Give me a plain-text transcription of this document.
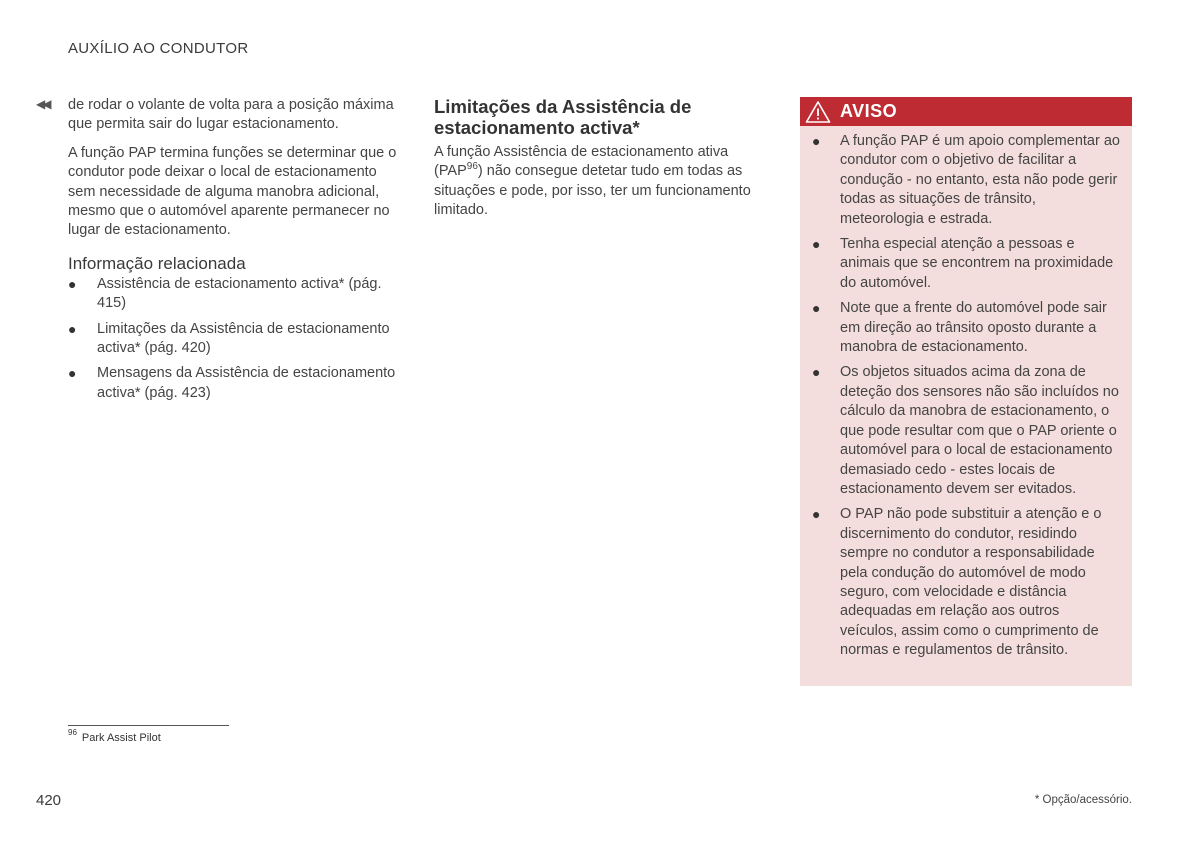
AUXÍLIO AO CONDUTOR
◀◀ de rodar o volante de volta para a posição máxima que permita sair do lugar estacionamento.

A função PAP termina funções se determinar que o condutor pode deixar o local de estacionamento sem necessidade de alguma manobra adicional, mesmo que o automóvel aparente permanecer no lugar de estacionamento.

Informação relacionada
● Assistência de estacionamento activa* (pág. 415)
● Limitações da Assistência de estacionamento activa* (pág. 420)
● Mensagens da Assistência de estacionamento activa* (pág. 423)
Limitações da Assistência de estacionamento activa*

A função Assistência de estacionamento ativa (PAP$^{96}$) não consegue detetar tudo em todas as situações e pode, por isso, ter um funcionamento limitado.

AVISO
● A função PAP é um apoio complementar ao condutor com o objetivo de facilitar a condução - no entanto, esta não pode gerir todas as situações de trânsito, meteorologia e estrada.
● Tenha especial atenção a pessoas e animais que se encontrem na proximidade do automóvel.
● Note que a frente do automóvel pode sair em direção ao trânsito oposto durante a manobra de estacionamento.
● Os objetos situados acima da zona de deteção dos sensores não são incluídos no cálculo da manobra de estacionamento, o que pode resultar com que o PAP oriente o automóvel para o local de estacionamento demasiado cedo - estes locais de estacionamento devem ser evitados.
● O PAP não pode substituir a atenção e o discernimento do condutor, residindo sempre no condutor a responsabilidade pela condução do automóvel de modo seguro, com velocidade e distância adequadas em relação aos outros veículos, assim como o cumprimento de normas e regulamentos de trânsito.
$^{96}$ Park Assist Pilot
420	* Opção/acessório.
